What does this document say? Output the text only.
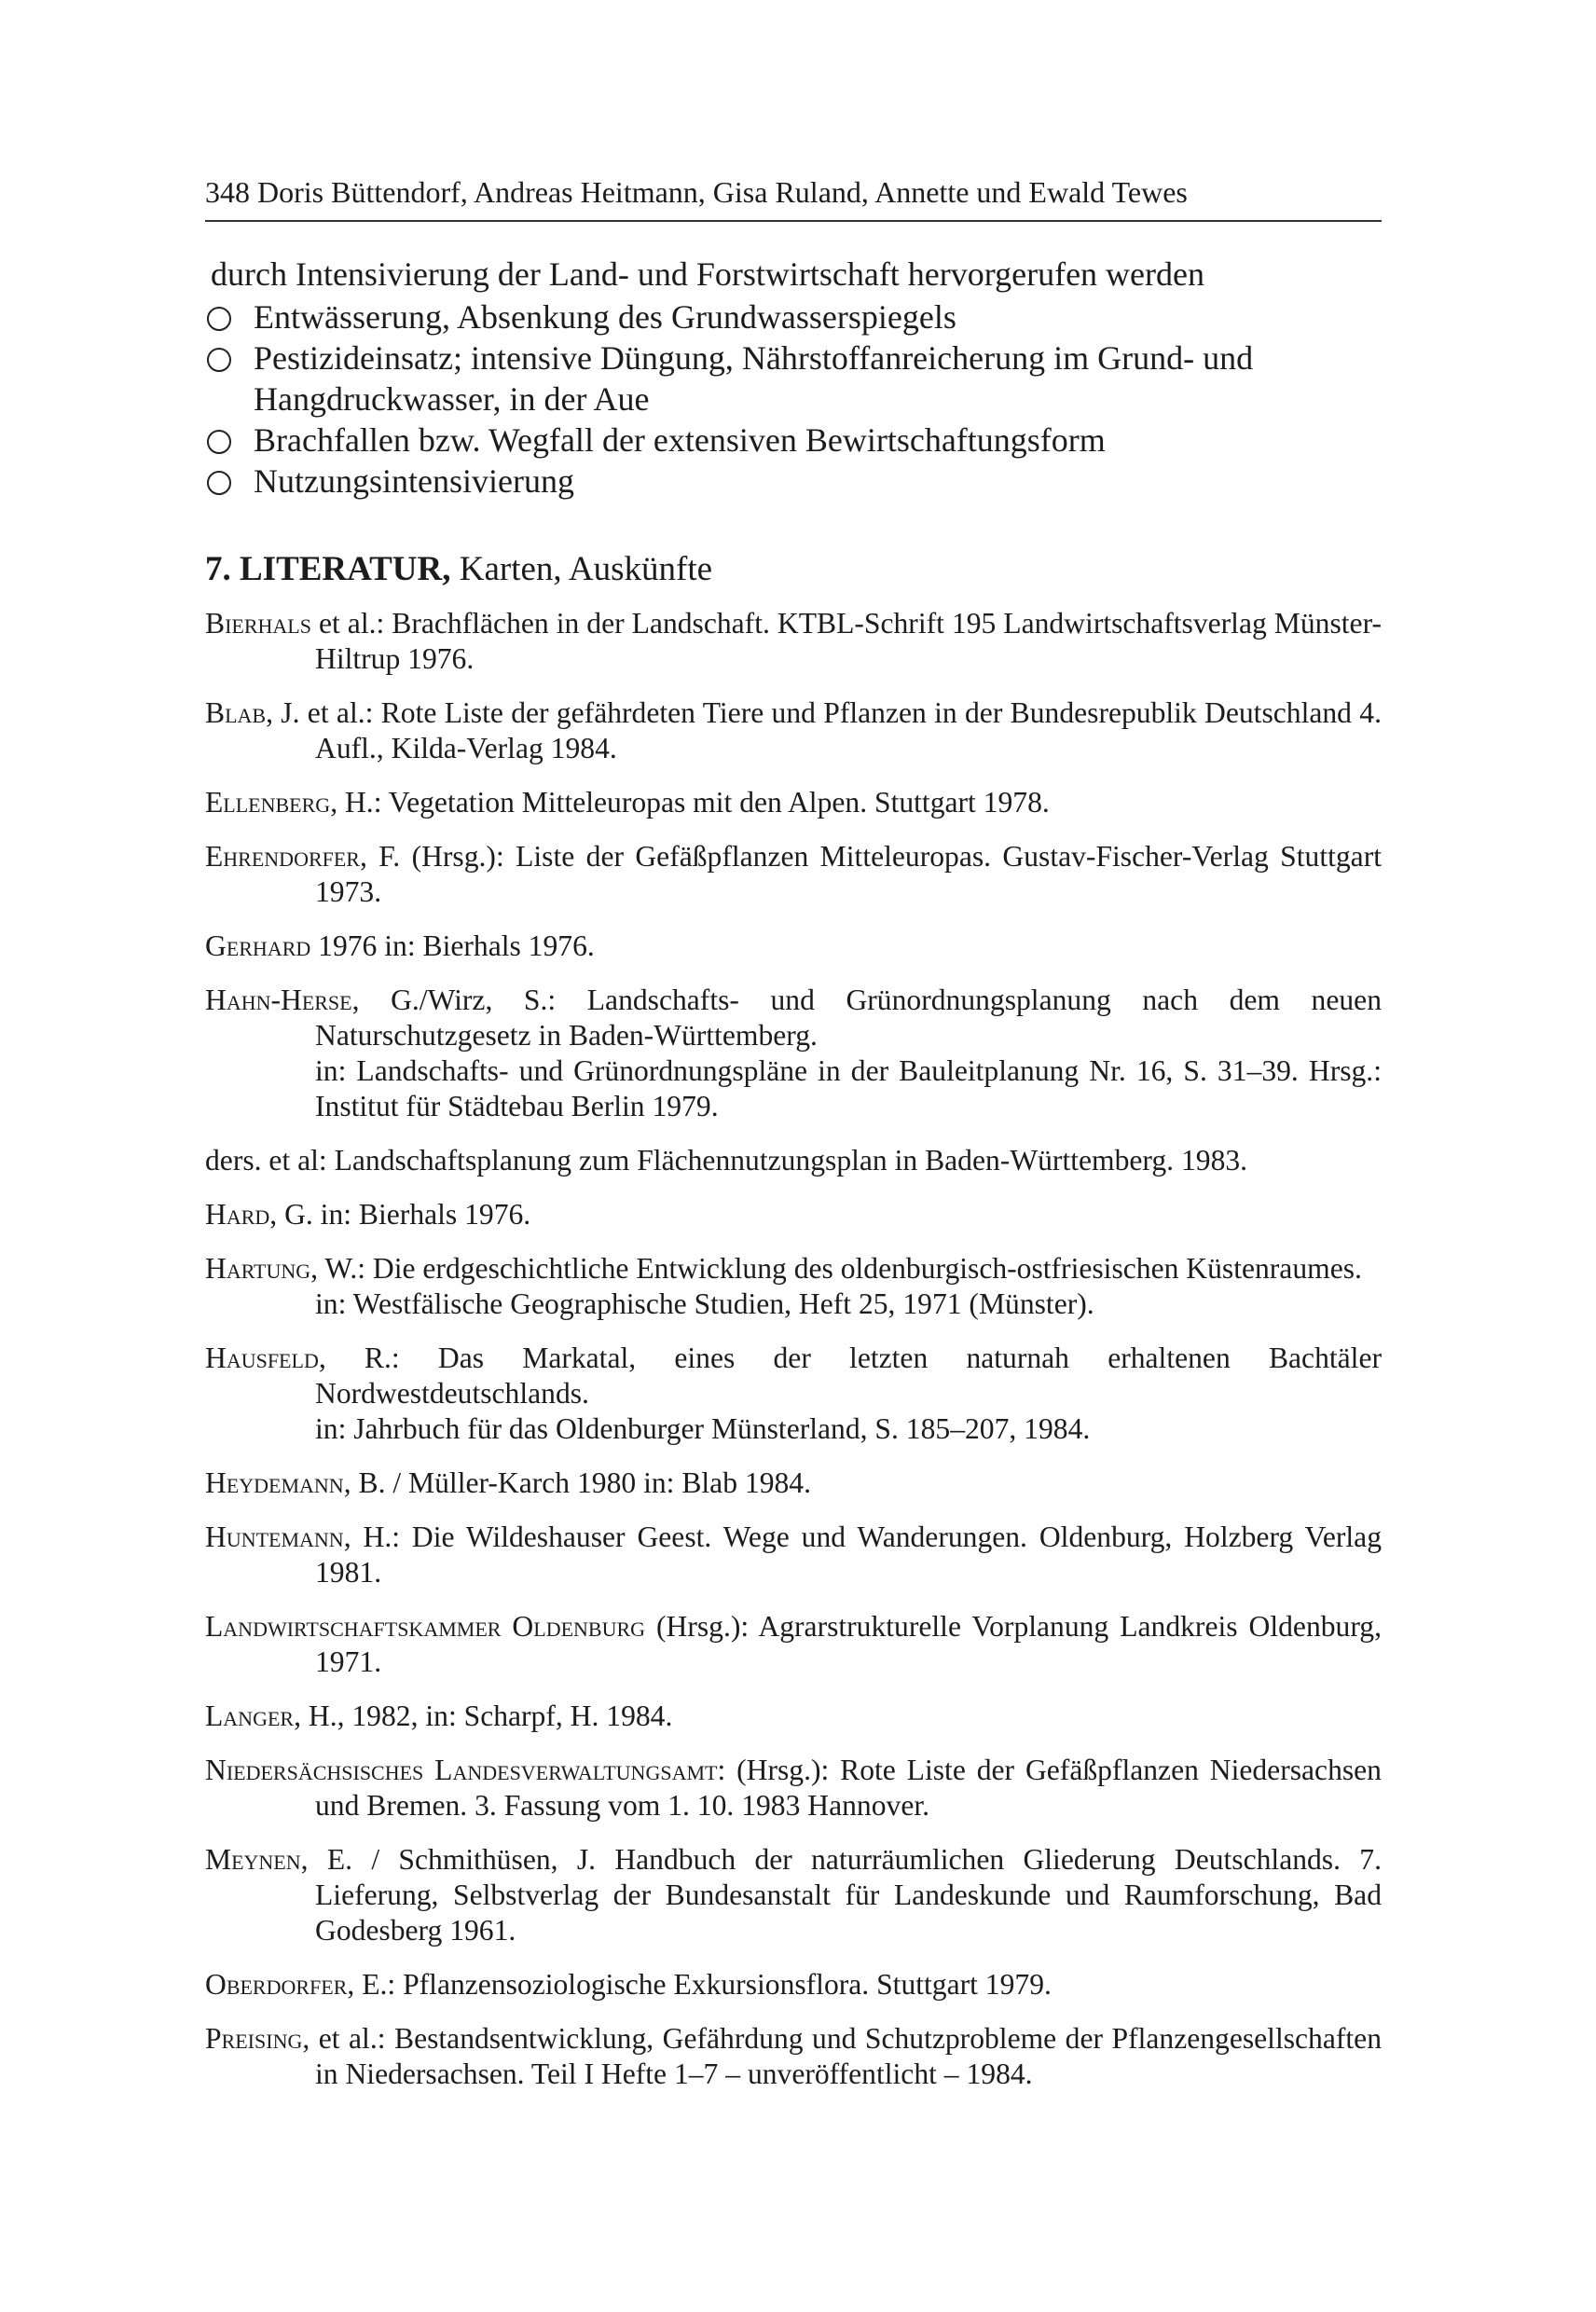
348 Doris Büttendorf, Andreas Heitmann, Gisa Ruland, Annette und Ewald Tewes
durch Intensivierung der Land- und Forstwirtschaft hervorgerufen werden
Entwässerung, Absenkung des Grundwasserspiegels
Pestizideinsatz; intensive Düngung, Nährstoffanreicherung im Grund- und Hangdruckwasser, in der Aue
Brachfallen bzw. Wegfall der extensiven Bewirtschaftungsform
Nutzungsintensivierung
7. LITERATUR, Karten, Auskünfte
Bierhals et al.: Brachflächen in der Landschaft. KTBL-Schrift 195 Landwirtschaftsverlag Münster-Hiltrup 1976.
Blab, J. et al.: Rote Liste der gefährdeten Tiere und Pflanzen in der Bundesrepublik Deutschland 4. Aufl., Kilda-Verlag 1984.
Ellenberg, H.: Vegetation Mitteleuropas mit den Alpen. Stuttgart 1978.
Ehrendorfer, F. (Hrsg.): Liste der Gefäßpflanzen Mitteleuropas. Gustav-Fischer-Verlag Stuttgart 1973.
Gerhard 1976 in: Bierhals 1976.
Hahn-Herse, G./Wirz, S.: Landschafts- und Grünordnungsplanung nach dem neuen Naturschutzgesetz in Baden-Württemberg.
in: Landschafts- und Grünordnungspläne in der Bauleitplanung Nr. 16, S. 31–39. Hrsg.: Institut für Städtebau Berlin 1979.
ders. et al: Landschaftsplanung zum Flächennutzungsplan in Baden-Württemberg. 1983.
Hard, G. in: Bierhals 1976.
Hartung, W.: Die erdgeschichtliche Entwicklung des oldenburgisch-ostfriesischen Küstenraumes.
in: Westfälische Geographische Studien, Heft 25, 1971 (Münster).
Hausfeld, R.: Das Markatal, eines der letzten naturnah erhaltenen Bachtäler Nordwestdeutschlands.
in: Jahrbuch für das Oldenburger Münsterland, S. 185–207, 1984.
Heydemann, B. / Müller-Karch 1980 in: Blab 1984.
Huntemann, H.: Die Wildeshauser Geest. Wege und Wanderungen. Oldenburg, Holzberg Verlag 1981.
Landwirtschaftskammer Oldenburg (Hrsg.): Agrarstrukturelle Vorplanung Landkreis Oldenburg, 1971.
Langer, H., 1982, in: Scharpf, H. 1984.
Niedersächsisches Landesverwaltungsamt: (Hrsg.): Rote Liste der Gefäßpflanzen Niedersachsen und Bremen. 3. Fassung vom 1. 10. 1983 Hannover.
Meynen, E. / Schmithüsen, J. Handbuch der naturräumlichen Gliederung Deutschlands. 7. Lieferung, Selbstverlag der Bundesanstalt für Landeskunde und Raumforschung, Bad Godesberg 1961.
Oberdorfer, E.: Pflanzensoziologische Exkursionsflora. Stuttgart 1979.
Preising, et al.: Bestandsentwicklung, Gefährdung und Schutzprobleme der Pflanzengesellschaften in Niedersachsen. Teil I Hefte 1–7 – unveröffentlicht – 1984.
